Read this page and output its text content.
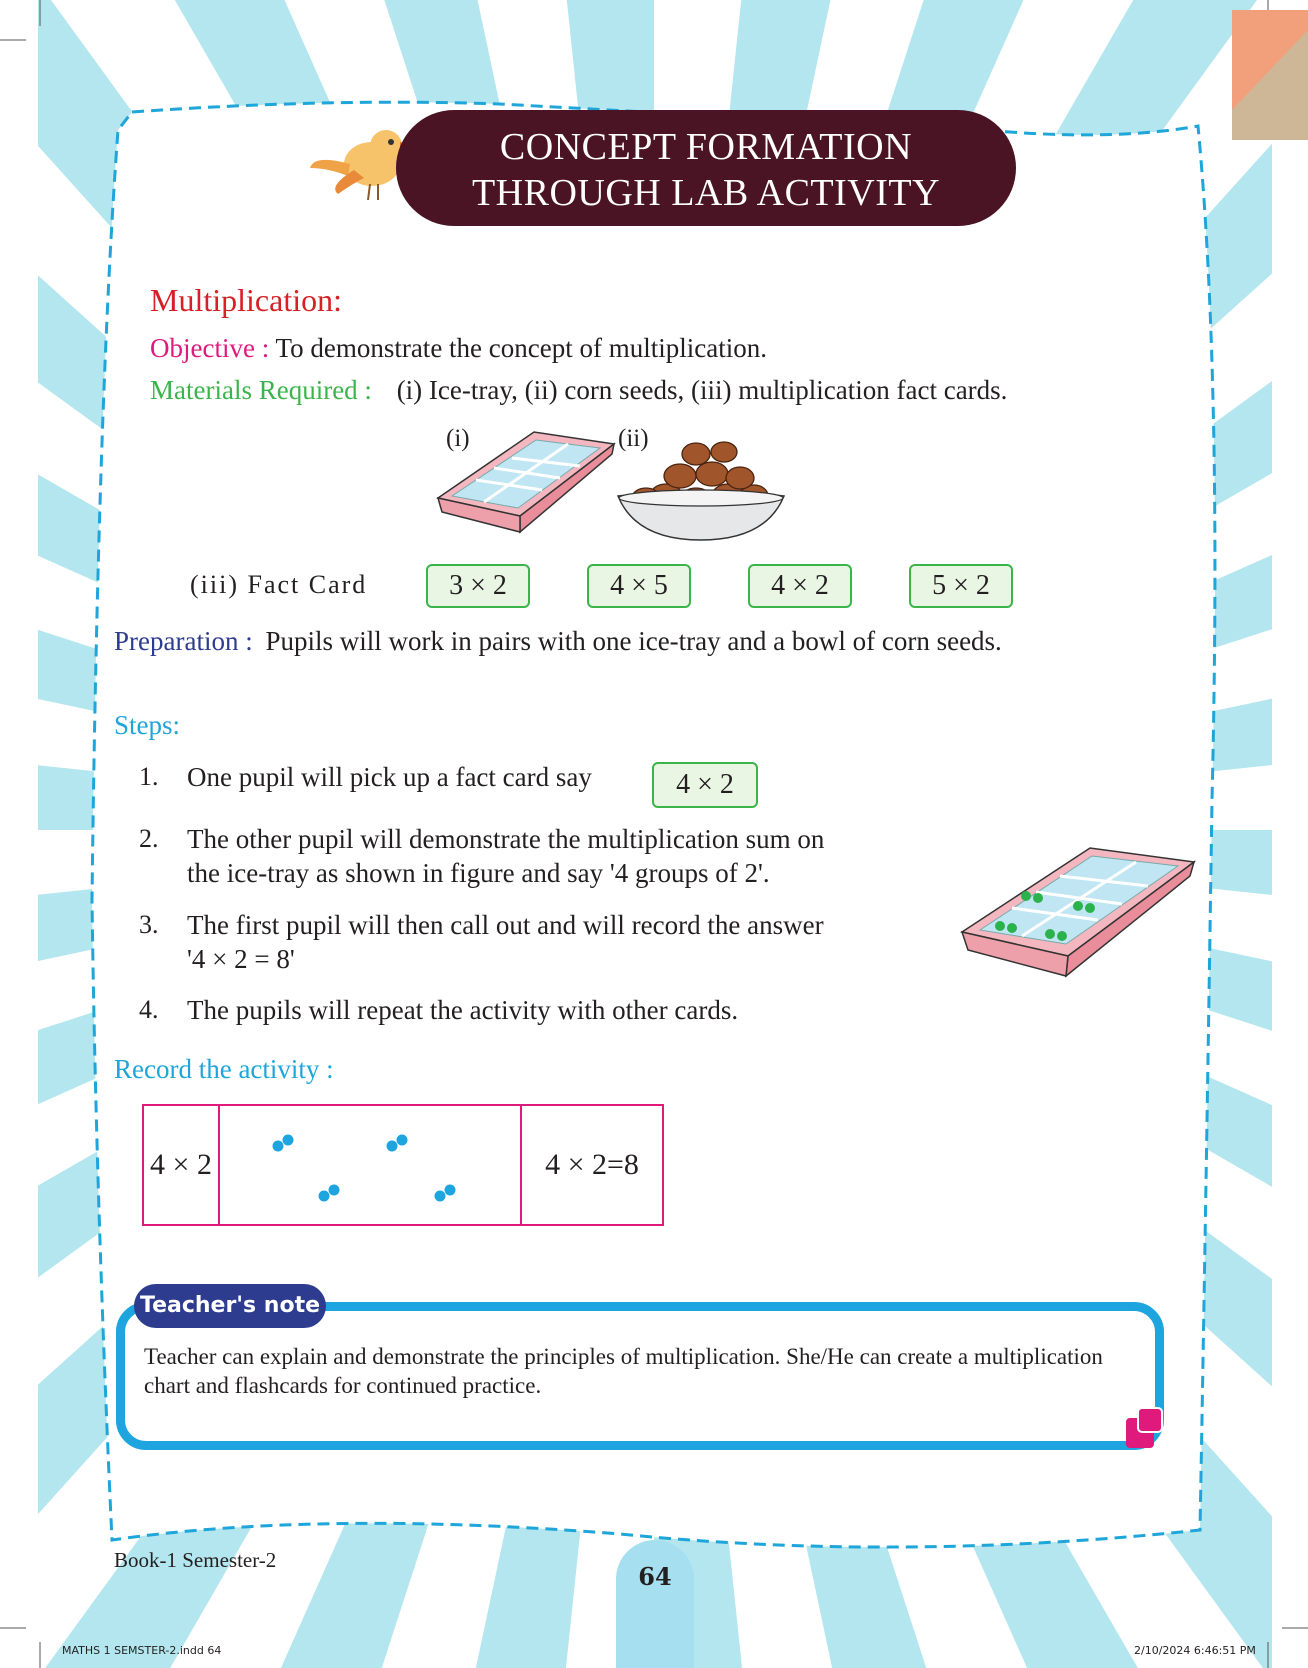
CONCEPT FORMATION
THROUGH LAB ACTIVITY
Multiplication:
Objective : To demonstrate the concept of multiplication.
Materials Required : (i) Ice-tray, (ii) corn seeds, (iii) multiplication fact cards.
(i)	(ii)
(iii) Fact Card	3 × 2	4 × 5	4 × 2	5 × 2
Preparation : Pupils will work in pairs with one ice-tray and a bowl of corn seeds.
Steps:
1. One pupil will pick up a fact card say	4 × 2
2. The other pupil will demonstrate the multiplication sum on
the ice-tray as shown in figure and say '4 groups of 2'.
3. The first pupil will then call out and will record the answer
'4 × 2 = 8'
4. The pupils will repeat the activity with other cards.
Record the activity :
4 × 2	4 × 2=8
Teacher's note
Teacher can explain and demonstrate the principles of multiplication. She/He can create a multiplication chart and flashcards for continued practice.
Book-1 Semester-2
64
MATHS 1 SEMSTER-2.indd 64	2/10/2024 6:46:51 PM
